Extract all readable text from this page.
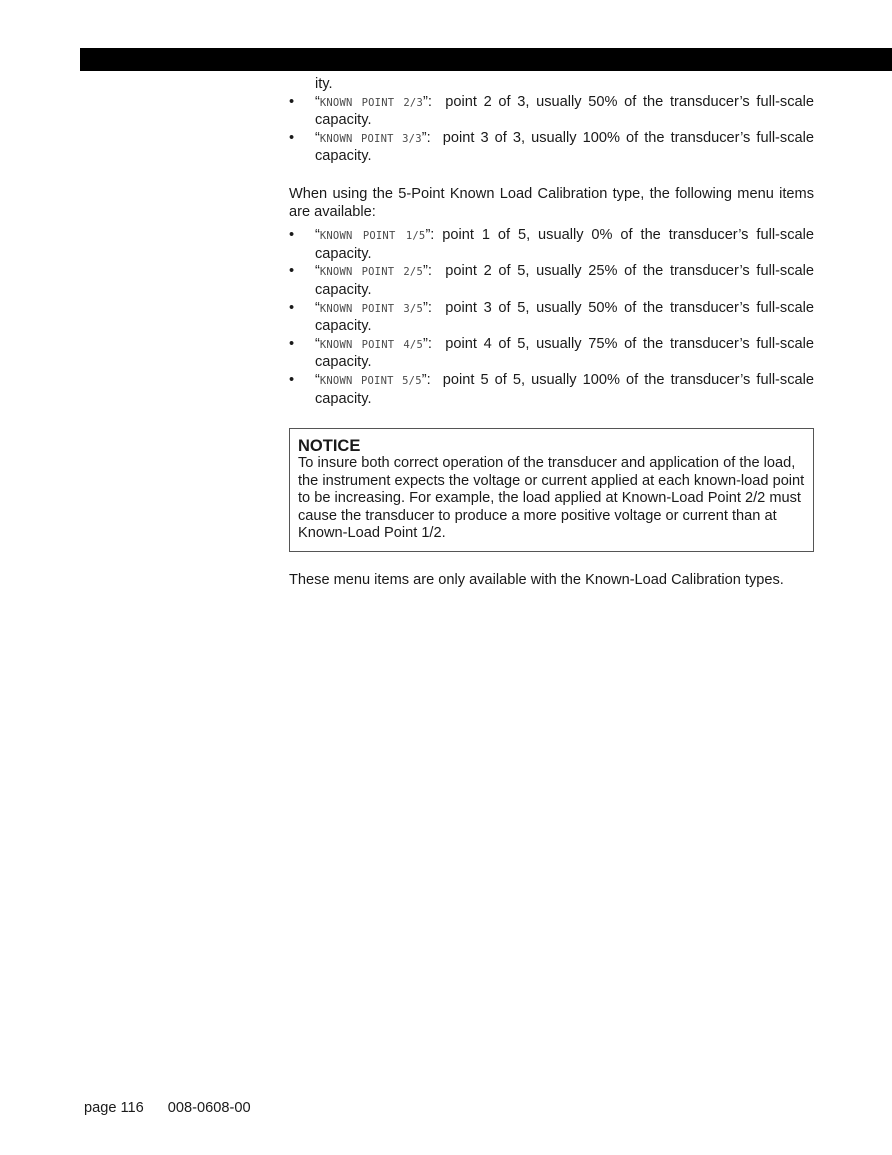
ity.
• “KNOWN POINT 2/3”:  point 2 of 3, usually 50% of the transducer’s full-scale capacity.
• “KNOWN POINT 3/3”:  point 3 of 3, usually 100% of the transducer’s full-scale capacity.

When using the 5-Point Known Load Calibration type, the following menu items are available:

• “KNOWN POINT 1/5”: point 1 of 5, usually 0% of the transducer’s full-scale capacity.
• “KNOWN POINT 2/5”:  point 2 of 5, usually 25% of the transducer’s full-scale capacity.
• “KNOWN POINT 3/5”:  point 3 of 5, usually 50% of the transducer’s full-scale capacity.
• “KNOWN POINT 4/5”:  point 4 of 5, usually 75% of the transducer’s full-scale capacity.
• “KNOWN POINT 5/5”:  point 5 of 5, usually 100% of the transducer’s full-scale capacity.
NOTICE
To insure both correct operation of the transducer and application of the load, the instrument expects the voltage or current applied at each known-load point to be increasing. For example, the load applied at Known-Load Point 2/2 must cause the transducer to produce a more positive voltage or current than at Known-Load Point 1/2.

These menu items are only available with the Known-Load Calibration types.

page 116 008-0608-00
